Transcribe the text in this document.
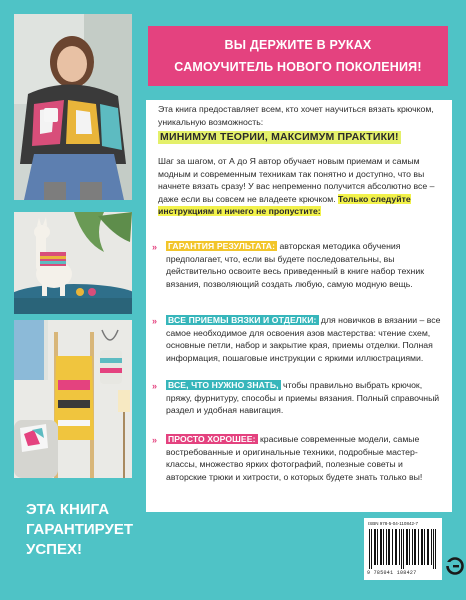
ВЫ ДЕРЖИТЕ В РУКАХ
САМОУЧИТЕЛЬ НОВОГО ПОКОЛЕНИЯ!

Эта книга предоставляет всем, кто хочет научиться вязать крючком, уникальную возможность:

МИНИМУМ ТЕОРИИ, МАКСИМУМ ПРАКТИКИ!

Шаг за шагом, от А до Я автор обучает новым приемам и самым модным и современным техникам так понятно и доступно, что вы начнете вязать сразу! У вас непременно получится абсолютно все – даже если вы совсем не владеете крючком. Только следуйте инструкциям и ничего не пропустите:

»	ГАРАНТИЯ РЕЗУЛЬТАТА: авторская методика обучения предполагает, что, если вы будете последовательны, вы действительно освоите весь приведенный в книге набор техник вязания, позволяющий создать любую, самую модную вещь.

»	ВСЕ ПРИЕМЫ ВЯЗКИ И ОТДЕЛКИ: для новичков в вязании – все самое необходимое для освоения азов мастерства: чтение схем, основные петли, набор и закрытие края, приемы отделки. Полная информация, пошаговые инструкции с яркими иллюстрациями.

»	ВСЕ, ЧТО НУЖНО ЗНАТЬ, чтобы правильно выбрать крючок, пряжу, фурнитуру, способы и приемы вязания. Полный справочный раздел и удобная навигация.

»	ПРОСТО ХОРОШЕЕ: красивые современные модели, самые востребованные и оригинальные техники, подробные мастер-классы, множество ярких фотографий, полезные советы и авторские трюки и хитрости, о которых будете знать только вы!

ЭТА КНИГА
ГАРАНТИРУЕТ
УСПЕХ!
ISBN 978-5-04-110842-7
9 785041 108427
